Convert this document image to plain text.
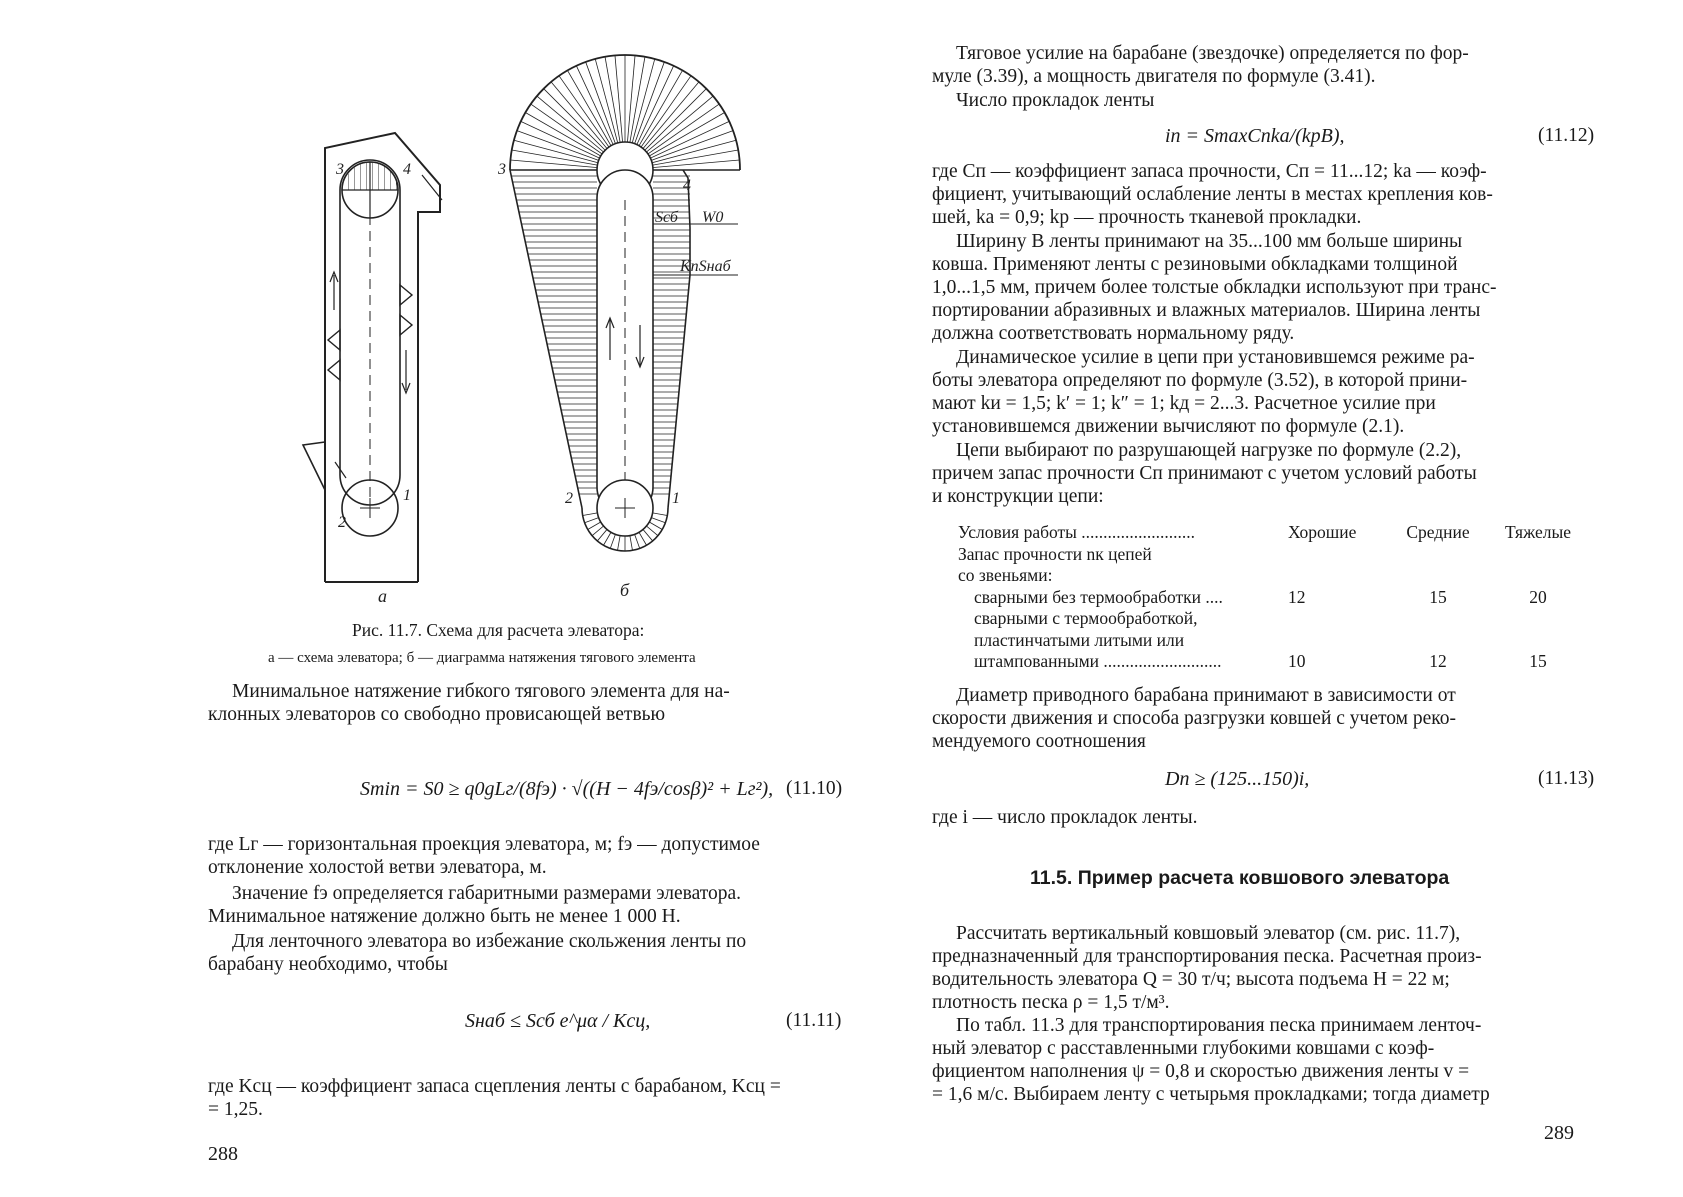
3	4
2
1
3
4
2	1
Sсб W0
KпSнаб
а	б
Рис. 11.7. Схема для расчета элеватора:
а — схема элеватора; б — диаграмма натяжения тягового элемента
Минимальное натяжение гибкого тягового элемента для на-
клонных элеваторов со свободно провисающей ветвью
Smin = S0 ≥ q0gLг/(8fэ) · √((H − 4fэ/cosβ)² + Lг²), (11.10)
где Lг — горизонтальная проекция элеватора, м; fэ — допустимое
отклонение холостой ветви элеватора, м.
Значение fэ определяется габаритными размерами элеватора.
Минимальное натяжение должно быть не менее 1 000 Н.
Для ленточного элеватора во избежание скольжения ленты по
барабану необходимо, чтобы
Sнаб ≤ Sсб e^μα / Kсц,	(11.11)
где Kсц — коэффициент запаса сцепления ленты с барабаном, Kсц =
= 1,25.
288
Тяговое усилие на барабане (звездочке) определяется по фор-
муле (3.39), а мощность двигателя по формуле (3.41).
Число прокладок ленты
iп = SmaxCпkа/(kрB),	(11.12)
где Cп — коэффициент запаса прочности, Cп = 11...12; kа — коэф-
фициент, учитывающий ослабление ленты в местах крепления ков-
шей, kа = 0,9; kр — прочность тканевой прокладки.
Ширину B ленты принимают на 35...100 мм больше ширины
ковша. Применяют ленты с резиновыми обкладками толщиной
1,0...1,5 мм, причем более толстые обкладки используют при транс-
портировании абразивных и влажных материалов. Ширина ленты
должна соответствовать нормальному ряду.
Динамическое усилие в цепи при установившемся режиме ра-
боты элеватора определяют по формуле (3.52), в которой прини-
мают kи = 1,5; k′ = 1; k″ = 1; kд = 2...3. Расчетное усилие при
установившемся движении вычисляют по формуле (2.1).
Цепи выбирают по разрушающей нагрузке по формуле (2.2),
причем запас прочности Cп принимают с учетом условий работы
и конструкции цепи:
Условия работы ..........................	Хорошие	Средние	Тяжелые
Запас прочности nк цепей			
со звеньями:			
сварными без термообработки ....	12	15	20
сварными с термообработкой,			
пластинчатыми литыми или			
штампованными ...........................	10	12	15
Диаметр приводного барабана принимают в зависимости от
скорости движения и способа разгрузки ковшей с учетом реко-
мендуемого соотношения
Dп ≥ (125...150)i,	(11.13)
где i — число прокладок ленты.
11.5. Пример расчета ковшового элеватора
Рассчитать вертикальный ковшовый элеватор (см. рис. 11.7),
предназначенный для транспортирования песка. Расчетная произ-
водительность элеватора Q = 30 т/ч; высота подъема H = 22 м;
плотность песка ρ = 1,5 т/м³.
По табл. 11.3 для транспортирования песка принимаем ленточ-
ный элеватор с расставленными глубокими ковшами с коэф-
фициентом наполнения ψ = 0,8 и скоростью движения ленты v =
= 1,6 м/с. Выбираем ленту с четырьмя прокладками; тогда диаметр
289
